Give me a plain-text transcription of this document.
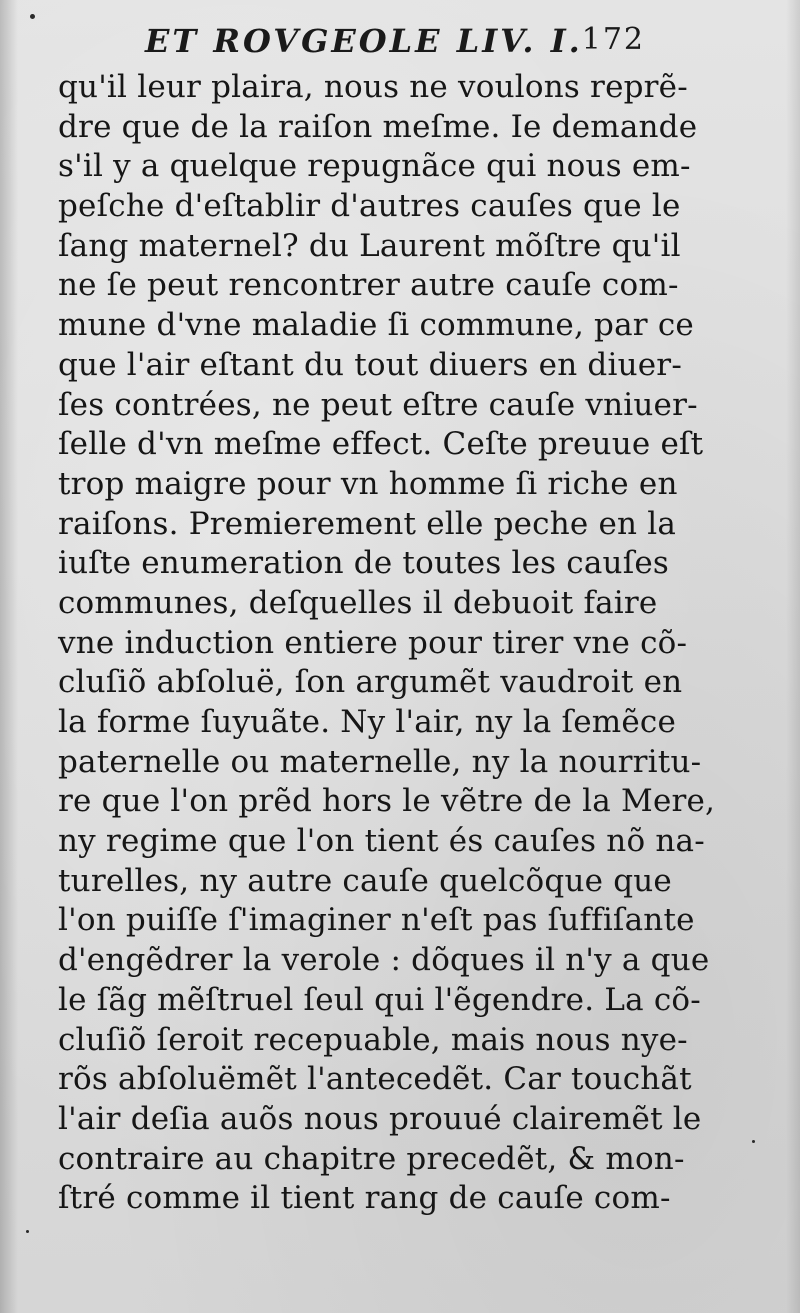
ET ROVGEOLE LIV. I.
172
qu'il leur plaira, nous ne voulons reprẽ-
dre que de la raiſon meſme. Ie demande
s'il y a quelque repugnãce qui nous em-
peſche d'eſtablir d'autres cauſes que le
ſang maternel? du Laurent mõſtre qu'il
ne ſe peut rencontrer autre cauſe com-
mune d'vne maladie ſi commune, par ce
que l'air eſtant du tout diuers en diuer-
ſes contrées, ne peut eſtre cauſe vniuer-
ſelle d'vn meſme effect. Ceſte preuue eſt
trop maigre pour vn homme ſi riche en
raiſons. Premierement elle peche en la
iuſte enumeration de toutes les cauſes
communes, deſquelles il debuoit faire
vne induction entiere pour tirer vne cõ-
cluſiõ abſoluë, ſon argumẽt vaudroit en
la forme ſuyuãte. Ny l'air, ny la ſemẽce
paternelle ou maternelle, ny la nourritu-
re que l'on prẽd hors le vẽtre de la Mere,
ny regime que l'on tient és cauſes nõ na-
turelles, ny autre cauſe quelcõque que
l'on puiſſe ſ'imaginer n'eſt pas ſuffiſante
d'engẽdrer la verole : dõques il n'y a que
le ſãg mẽſtruel ſeul qui l'ẽgendre. La cõ-
cluſiõ ſeroit recepuable, mais nous nye-
rõs abſoluëmẽt l'antecedẽt. Car touchãt
l'air deſia auõs nous prouué clairemẽt le
contraire au chapitre precedẽt, & mon-
ſtré comme il tient rang de cauſe com-
